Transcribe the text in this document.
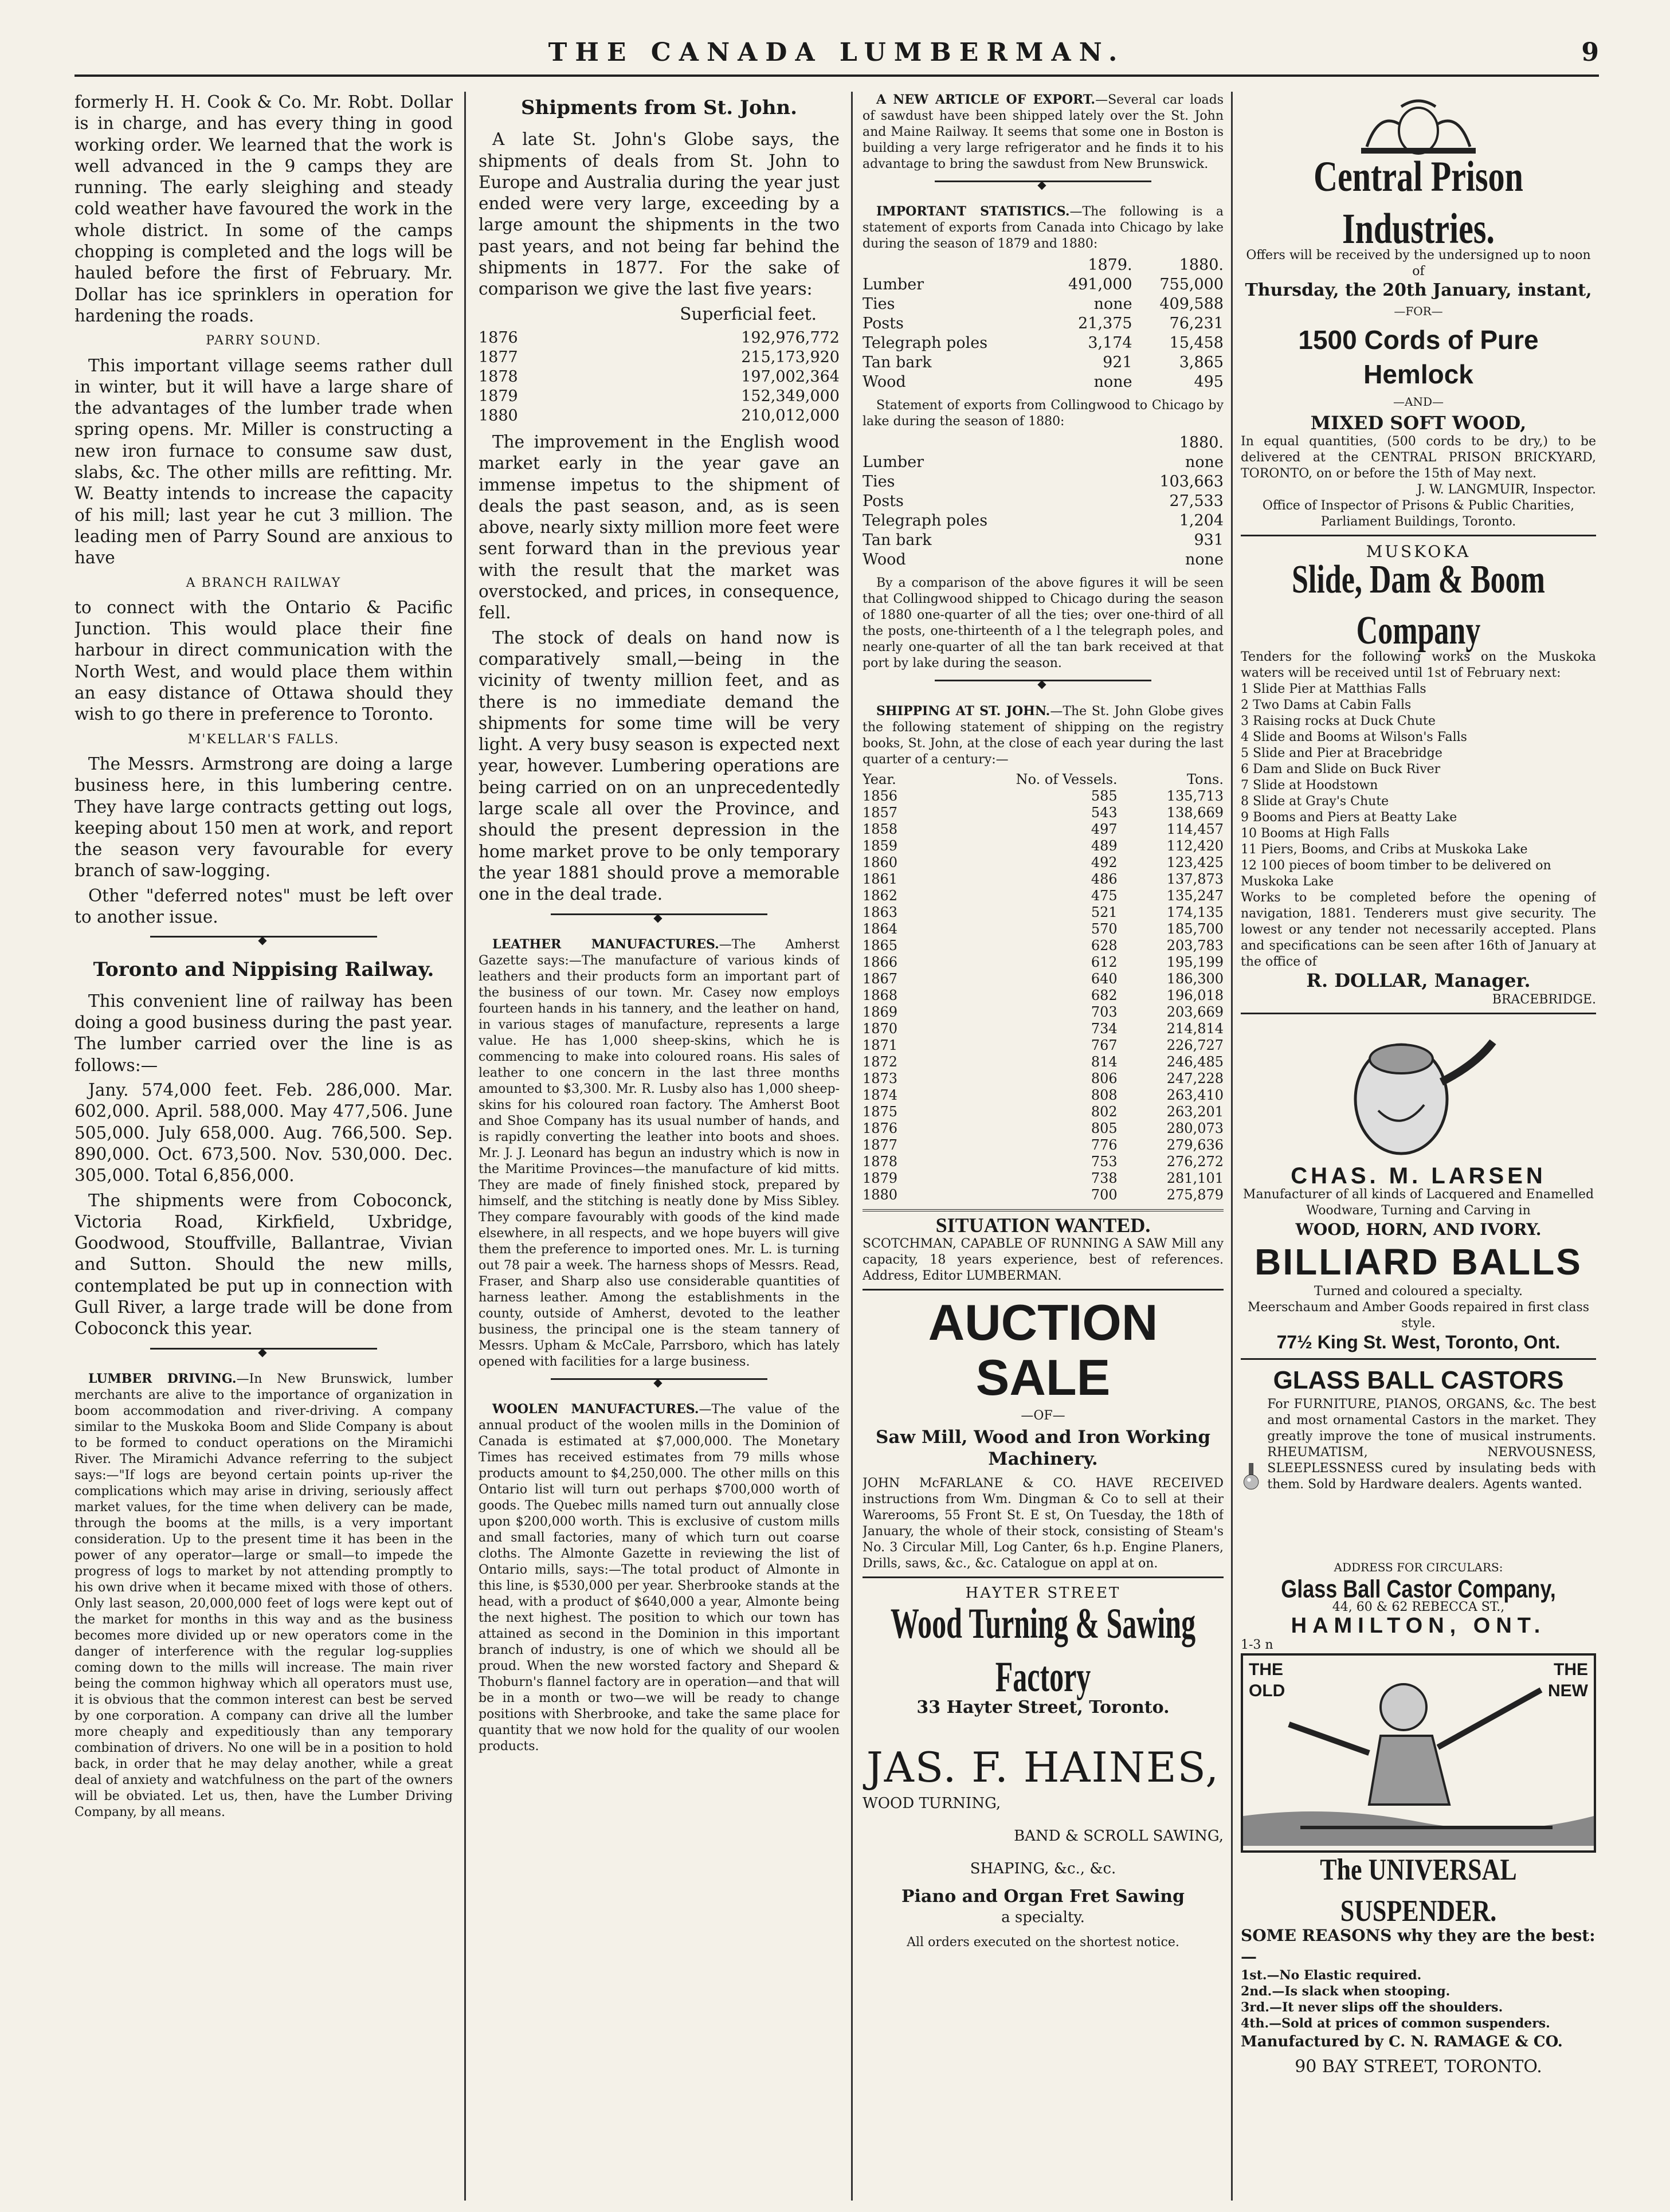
THE CANADA LUMBERMAN.	9

formerly H. H. Cook & Co. Mr. Robt. Dollar is in charge, and has every thing in good working order. We learned that the work is well advanced in the 9 camps they are running. The early sleighing and steady cold weather have favoured the work in the whole district. In some of the camps chopping is completed and the logs will be hauled before the first of February. Mr. Dollar has ice sprinklers in operation for hardening the roads.

PARRY SOUND.

This important village seems rather dull in winter, but it will have a large share of the advantages of the lumber trade when spring opens. Mr. Miller is constructing a new iron furnace to consume saw dust, slabs, &c. The other mills are refitting. Mr. W. Beatty intends to increase the capacity of his mill; last year he cut 3 million. The leading men of Parry Sound are anxious to have

A BRANCH RAILWAY

to connect with the Ontario & Pacific Junction. This would place their fine harbour in direct communication with the North West, and would place them within an easy distance of Ottawa should they wish to go there in preference to Toronto.

M'KELLAR'S FALLS.

The Messrs. Armstrong are doing a large business here, in this lumbering centre. They have large contracts getting out logs, keeping about 150 men at work, and report the season very favourable for every branch of saw-logging.

Other "deferred notes" must be left over to another issue.

◆

Toronto and Nippising Railway.

This convenient line of railway has been doing a good business during the past year. The lumber carried over the line is as follows:—

Jany. 574,000 feet. Feb. 286,000. Mar. 602,000. April. 588,000. May 477,506. June 505,000. July 658,000. Aug. 766,500. Sep. 890,000. Oct. 673,500. Nov. 530,000. Dec. 305,000. Total 6,856,000.

The shipments were from Coboconck, Victoria Road, Kirkfield, Uxbridge, Goodwood, Stouffville, Ballantrae, Vivian and Sutton. Should the new mills, contemplated be put up in connection with Gull River, a large trade will be done from Coboconck this year.

◆

LUMBER DRIVING.—In New Brunswick, lumber merchants are alive to the importance of organization in boom accommodation and river-driving. A company similar to the Muskoka Boom and Slide Company is about to be formed to conduct operations on the Miramichi River. The Miramichi Advance referring to the subject says:—"If logs are beyond certain points up-river the complications which may arise in driving, seriously affect market values, for the time when delivery can be made, through the booms at the mills, is a very important consideration. Up to the present time it has been in the power of any operator—large or small—to impede the progress of logs to market by not attending promptly to his own drive when it became mixed with those of others. Only last season, 20,000,000 feet of logs were kept out of the market for months in this way and as the business becomes more divided up or new operators come in the danger of interference with the regular log-supplies coming down to the mills will increase. The main river being the common highway which all operators must use, it is obvious that the common interest can best be served by one corporation. A company can drive all the lumber more cheaply and expeditiously than any temporary combination of drivers. No one will be in a position to hold back, in order that he may delay another, while a great deal of anxiety and watchfulness on the part of the owners will be obviated. Let us, then, have the Lumber Driving Company, by all means.

Shipments from St. John.

A late St. John's Globe says, the shipments of deals from St. John to Europe and Australia during the year just ended were very large, exceeding by a large amount the shipments in the two past years, and not being far behind the shipments in 1877. For the sake of comparison we give the last five years:

Superficial feet.
1876	192,976,772
1877	215,173,920
1878	197,002,364
1879	152,349,000
1880	210,012,000

The improvement in the English wood market early in the year gave an immense impetus to the shipment of deals the past season, and, as is seen above, nearly sixty million more feet were sent forward than in the previous year with the result that the market was overstocked, and prices, in consequence, fell.

The stock of deals on hand now is comparatively small,—being in the vicinity of twenty million feet, and as there is no immediate demand the shipments for some time will be very light. A very busy season is expected next year, however. Lumbering operations are being carried on on an unprecedentedly large scale all over the Province, and should the present depression in the home market prove to be only temporary the year 1881 should prove a memorable one in the deal trade.

◆

LEATHER MANUFACTURES.—The Amherst Gazette says:—The manufacture of various kinds of leathers and their products form an important part of the business of our town. Mr. Casey now employs fourteen hands in his tannery, and the leather on hand, in various stages of manufacture, represents a large value. He has 1,000 sheep-skins, which he is commencing to make into coloured roans. His sales of leather to one concern in the last three months amounted to $3,300. Mr. R. Lusby also has 1,000 sheep-skins for his coloured roan factory. The Amherst Boot and Shoe Company has its usual number of hands, and is rapidly converting the leather into boots and shoes. Mr. J. J. Leonard has begun an industry which is now in the Maritime Provinces—the manufacture of kid mitts. They are made of finely finished stock, prepared by himself, and the stitching is neatly done by Miss Sibley. They compare favourably with goods of the kind made elsewhere, in all respects, and we hope buyers will give them the preference to imported ones. Mr. L. is turning out 78 pair a week. The harness shops of Messrs. Read, Fraser, and Sharp also use considerable quantities of harness leather. Among the establishments in the county, outside of Amherst, devoted to the leather business, the principal one is the steam tannery of Messrs. Upham & McCale, Parrsboro, which has lately opened with facilities for a large business.

◆

WOOLEN MANUFACTURES.—The value of the annual product of the woolen mills in the Dominion of Canada is estimated at $7,000,000. The Monetary Times has received estimates from 79 mills whose products amount to $4,250,000. The other mills on this Ontario list will turn out perhaps $700,000 worth of goods. The Quebec mills named turn out annually close upon $200,000 worth. This is exclusive of custom mills and small factories, many of which turn out coarse cloths. The Almonte Gazette in reviewing the list of Ontario mills, says:—The total product of Almonte in this line, is $530,000 per year. Sherbrooke stands at the head, with a product of $640,000 a year, Almonte being the next highest. The position to which our town has attained as second in the Dominion in this important branch of industry, is one of which we should all be proud. When the new worsted factory and Shepard & Thoburn's flannel factory are in operation—and that will be in a month or two—we will be ready to change positions with Sherbrooke, and take the same place for quantity that we now hold for the quality of our woolen products.

A NEW ARTICLE OF EXPORT.—Several car loads of sawdust have been shipped lately over the St. John and Maine Railway. It seems that some one in Boston is building a very large refrigerator and he finds it to his advantage to bring the sawdust from New Brunswick.

◆

IMPORTANT STATISTICS.—The following is a statement of exports from Canada into Chicago by lake during the season of 1879 and 1880:

	1879.	1880.
Lumber	491,000	755,000
Ties	none	409,588
Posts	21,375	76,231
Telegraph poles	3,174	15,458
Tan bark	921	3,865
Wood	none	495

Statement of exports from Collingwood to Chicago by lake during the season of 1880:

	1880.
Lumber	none
Ties	103,663
Posts	27,533
Telegraph poles	1,204
Tan bark	931
Wood	none

By a comparison of the above figures it will be seen that Collingwood shipped to Chicago during the season of 1880 one-quarter of all the ties; over one-third of all the posts, one-thirteenth of a l the telegraph poles, and nearly one-quarter of all the tan bark received at that port by lake during the season.

◆

SHIPPING AT ST. JOHN.—The St. John Globe gives the following statement of shipping on the registry books, St. John, at the close of each year during the last quarter of a century:—

Year.	No. of Vessels.	Tons.
1856	585	135,713
1857	543	138,669
1858	497	114,457
1859	489	112,420
1860	492	123,425
1861	486	137,873
1862	475	135,247
1863	521	174,135
1864	570	185,700
1865	628	203,783
1866	612	195,199
1867	640	186,300
1868	682	196,018
1869	703	203,669
1870	734	214,814
1871	767	226,727
1872	814	246,485
1873	806	247,228
1874	808	263,410
1875	802	263,201
1876	805	280,073
1877	776	279,636
1878	753	276,272
1879	738	281,101
1880	700	275,879
SITUATION WANTED.
SCOTCHMAN, CAPABLE OF RUNNING A SAW Mill any capacity, 18 years experience, best of references. Address, Editor LUMBERMAN.
AUCTION SALE
—OF—
Saw Mill, Wood and Iron Working Machinery.
JOHN McFARLANE & CO. HAVE RECEIVED instructions from Wm. Dingman & Co to sell at their Warerooms, 55 Front St. E st, On Tuesday, the 18th of January, the whole of their stock, consisting of Steam's No. 3 Circular Mill, Log Canter, 6s h.p. Engine Planers, Drills, saws, &c., &c. Catalogue on appl at on.
HAYTER STREET
Wood Turning & Sawing Factory
33 Hayter Street, Toronto.
JAS. F. HAINES,
WOOD TURNING,
BAND & SCROLL SAWING,
SHAPING, &c., &c.
Piano and Organ Fret Sawing
a specialty.
All orders executed on the shortest notice.
Central Prison Industries.
Offers will be received by the undersigned up to noon of
Thursday, the 20th January, instant,
—FOR—
1500 Cords of Pure Hemlock
—AND—
MIXED SOFT WOOD,
In equal quantities, (500 cords to be dry,) to be delivered at the CENTRAL PRISON BRICKYARD, TORONTO, on or before the 15th of May next.
J. W. LANGMUIR, Inspector.
Office of Inspector of Prisons & Public Charities, Parliament Buildings, Toronto.
MUSKOKA
Slide, Dam & Boom Company
Tenders for the following works on the Muskoka waters will be received until 1st of February next:
1 Slide Pier at Matthias Falls
2 Two Dams at Cabin Falls
3 Raising rocks at Duck Chute
4 Slide and Booms at Wilson's Falls
5 Slide and Pier at Bracebridge
6 Dam and Slide on Buck River
7 Slide at Hoodstown
8 Slide at Gray's Chute
9 Booms and Piers at Beatty Lake
10 Booms at High Falls
11 Piers, Booms, and Cribs at Muskoka Lake
12 100 pieces of boom timber to be delivered on Muskoka Lake
Works to be completed before the opening of navigation, 1881. Tenderers must give security. The lowest or any tender not necessarily accepted. Plans and specifications can be seen after 16th of January at the office of
R. DOLLAR, Manager.
BRACEBRIDGE.
CHAS. M. LARSEN
Manufacturer of all kinds of Lacquered and Enamelled Woodware, Turning and Carving in
WOOD, HORN, AND IVORY.
BILLIARD BALLS
Turned and coloured a specialty.
Meerschaum and Amber Goods repaired in first class style.
77½ King St. West, Toronto, Ont.
GLASS BALL CASTORS
For FURNITURE, PIANOS, ORGANS, &c. The best and most ornamental Castors in the market. They greatly improve the tone of musical instruments. RHEUMATISM, NERVOUSNESS, SLEEPLESSNESS cured by insulating beds with them. Sold by Hardware dealers. Agents wanted.
ADDRESS FOR CIRCULARS:
Glass Ball Castor Company,
44, 60 & 62 REBECCA ST.,
HAMILTON, ONT.
1-3 n
THE OLD
THE NEW
The UNIVERSAL SUSPENDER.
SOME REASONS why they are the best:—
1st.—No Elastic required.
2nd.—Is slack when stooping.
3rd.—It never slips off the shoulders.
4th.—Sold at prices of common suspenders.
Manufactured by C. N. RAMAGE & CO.
90 BAY STREET, TORONTO.
